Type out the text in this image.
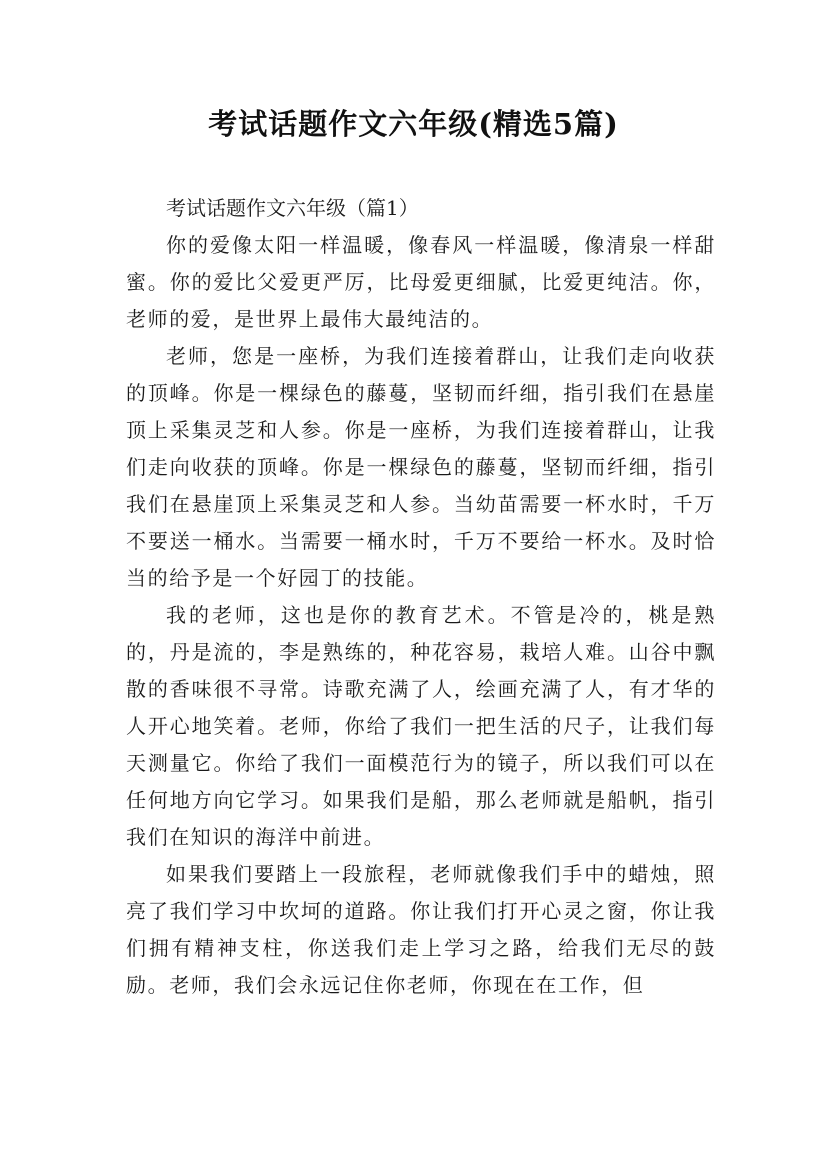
考试话题作文六年级(精选5篇)

考试话题作文六年级（篇1）

你的爱像太阳一样温暖，像春风一样温暖，像清泉一样甜蜜。你的爱比父爱更严厉，比母爱更细腻，比爱更纯洁。你，老师的爱，是世界上最伟大最纯洁的。

老师，您是一座桥，为我们连接着群山，让我们走向收获的顶峰。你是一棵绿色的藤蔓，坚韧而纤细，指引我们在悬崖顶上采集灵芝和人参。你是一座桥，为我们连接着群山，让我们走向收获的顶峰。你是一棵绿色的藤蔓，坚韧而纤细，指引我们在悬崖顶上采集灵芝和人参。当幼苗需要一杯水时，千万不要送一桶水。当需要一桶水时，千万不要给一杯水。及时恰当的给予是一个好园丁的技能。

我的老师，这也是你的教育艺术。不管是冷的，桃是熟的，丹是流的，李是熟练的，种花容易，栽培人难。山谷中飘散的香味很不寻常。诗歌充满了人，绘画充满了人，有才华的人开心地笑着。老师，你给了我们一把生活的尺子，让我们每天测量它。你给了我们一面模范行为的镜子，所以我们可以在任何地方向它学习。如果我们是船，那么老师就是船帆，指引我们在知识的海洋中前进。

如果我们要踏上一段旅程，老师就像我们手中的蜡烛，照亮了我们学习中坎坷的道路。你让我们打开心灵之窗，你让我们拥有精神支柱，你送我们走上学习之路，给我们无尽的鼓励。老师，我们会永远记住你老师，你现在在工作，但
